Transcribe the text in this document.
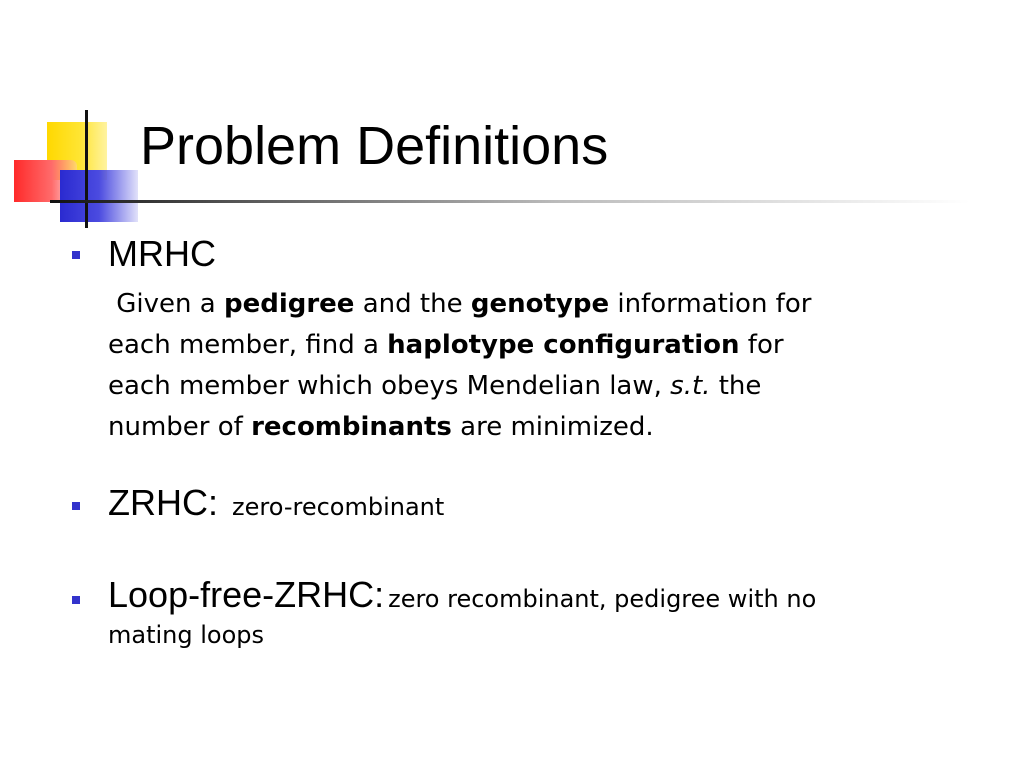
Problem Definitions
MRHC

Given a pedigree and the genotype information for
each member, find a haplotype configuration for
each member which obeys Mendelian law, s.t. the
number of recombinants are minimized.

ZRHC: zero-recombinant
Loop-free-ZRHC: zero recombinant, pedigree with no
mating loops
